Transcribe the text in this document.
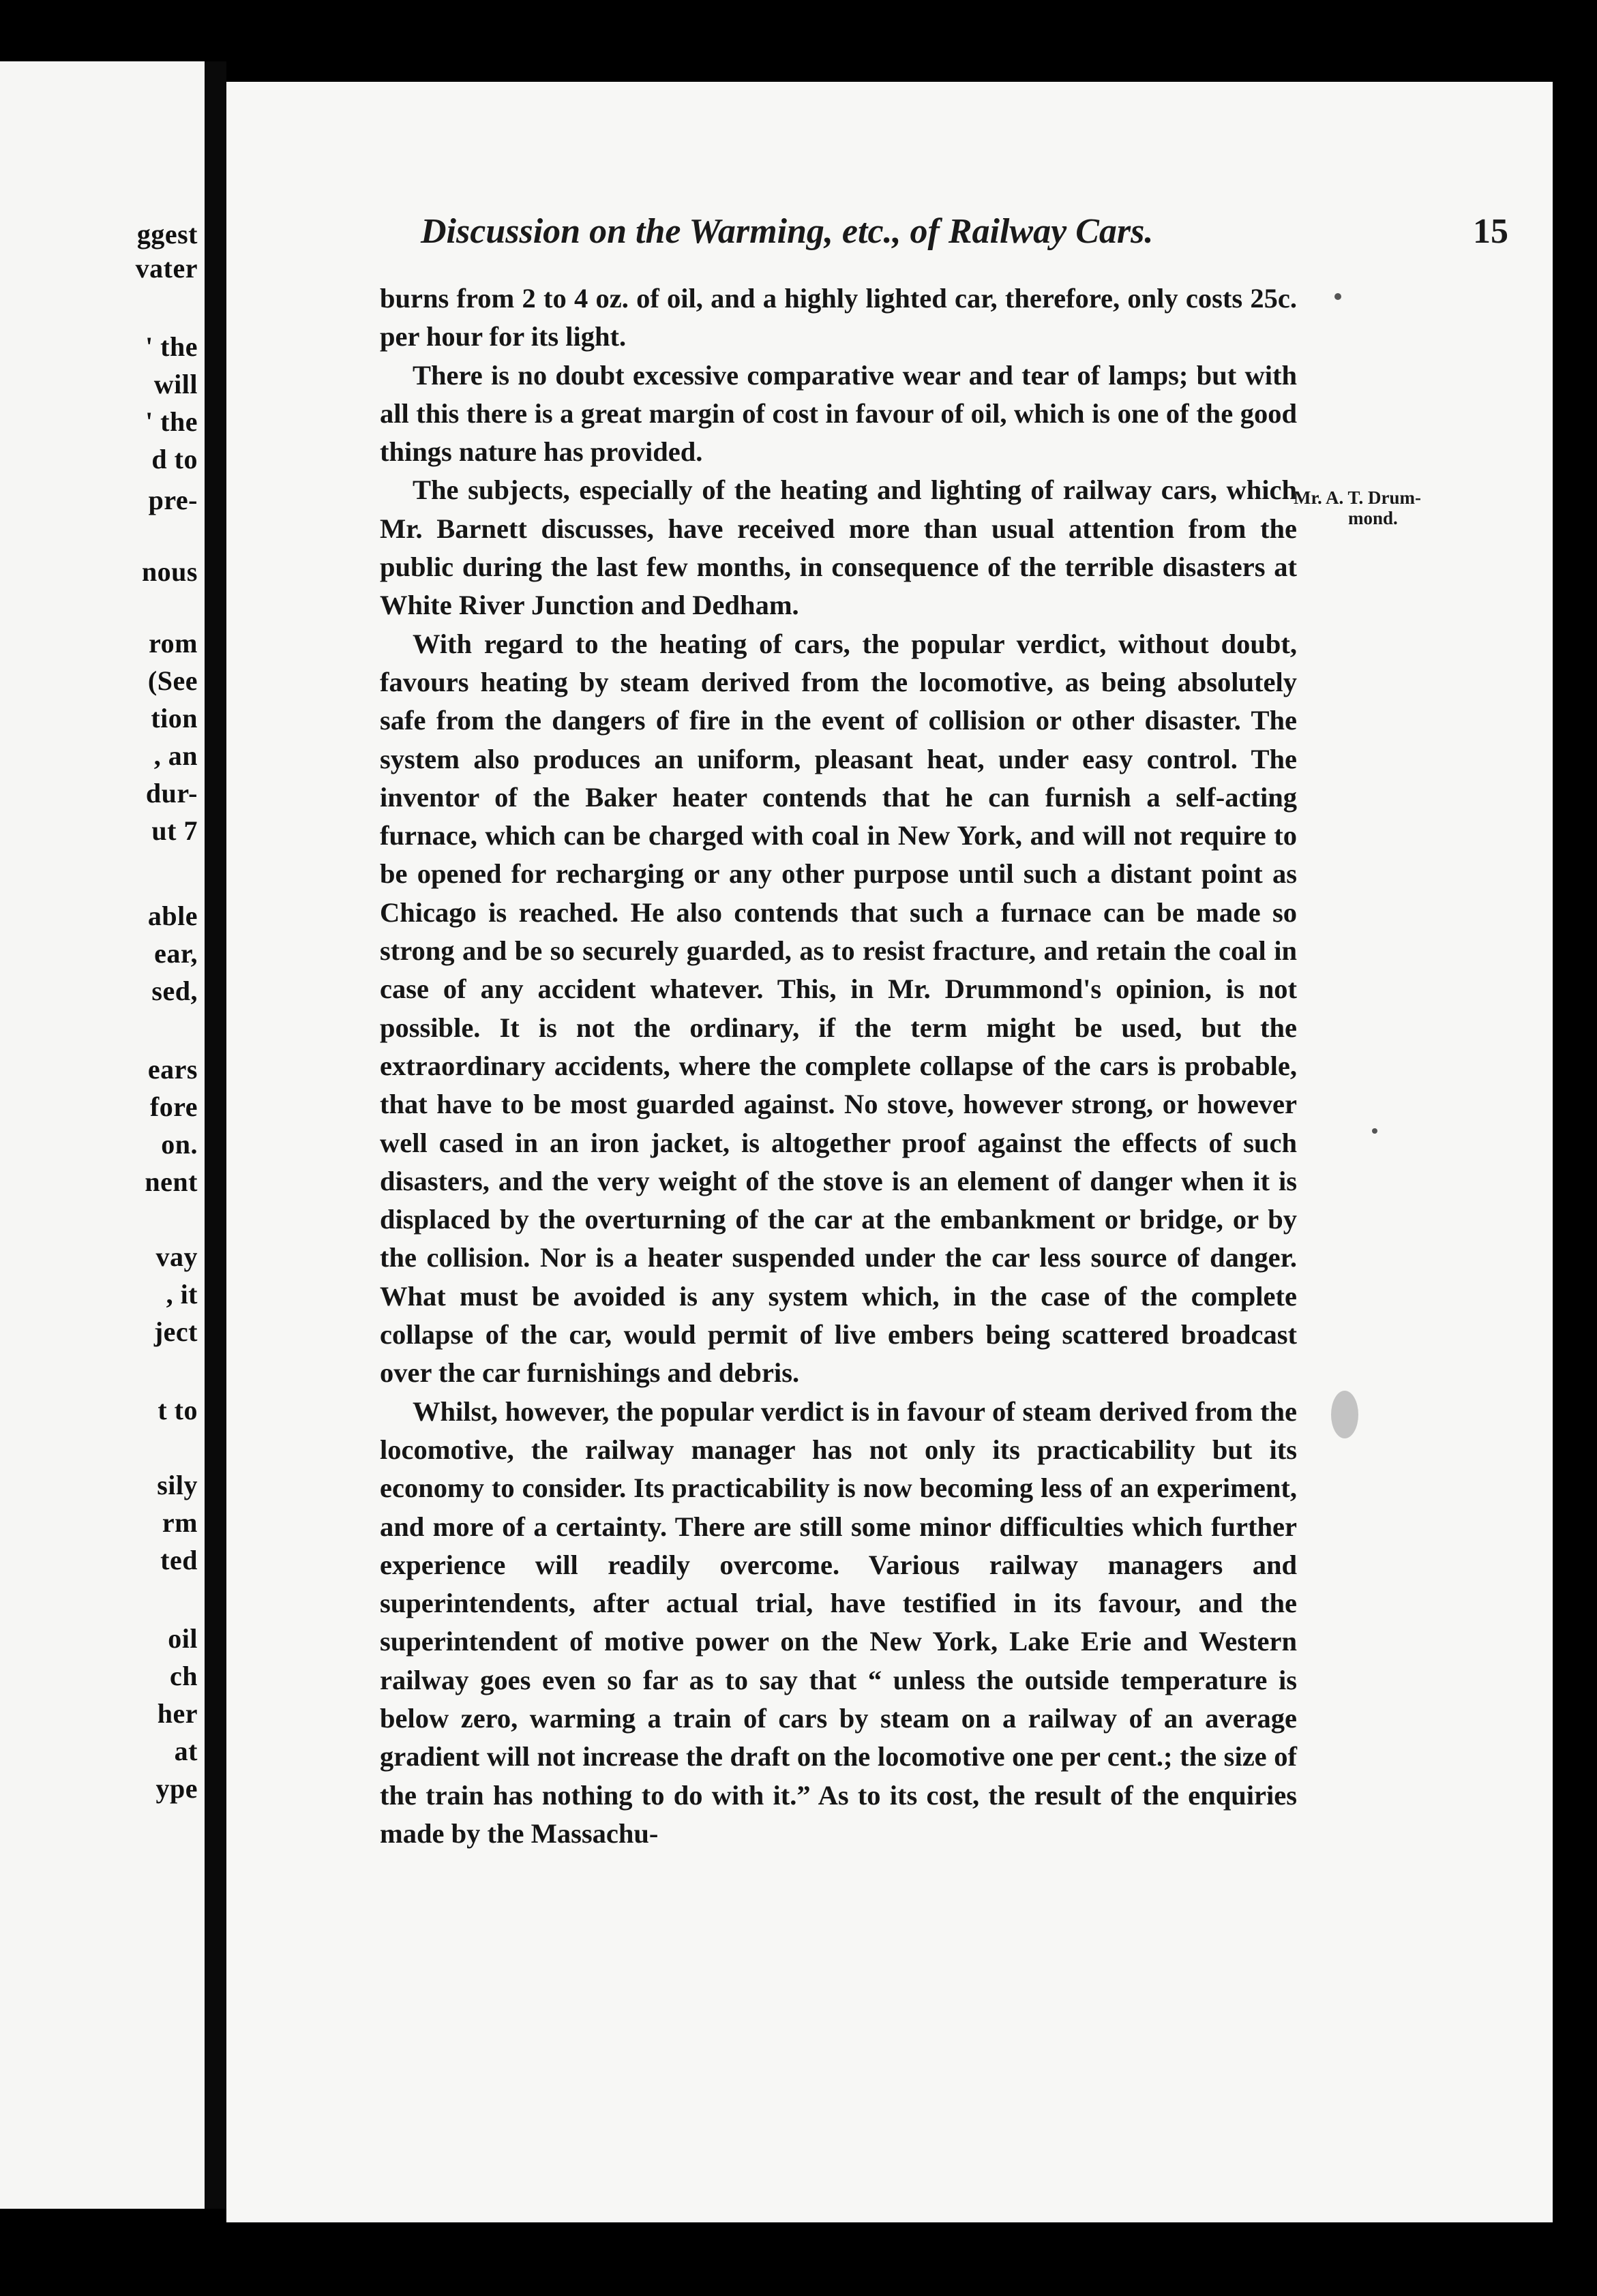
ggest
vater
' the
will
' the
d to
pre-
nous
rom
(See
tion
, an
dur-
ut 7
able
ear,
sed,
ears
fore
on.
nent
vay
, it
ject
t to
sily
rm
ted
oil
ch
her
at
ype
Discussion on the Warming, etc., of Railway Cars.	15
Mr. A. T. Drum-
mond.

burns from 2 to 4 oz. of oil, and a highly lighted car, therefore, only costs 25c. per hour for its light.

There is no doubt excessive comparative wear and tear of lamps; but with all this there is a great margin of cost in favour of oil, which is one of the good things nature has provided.

The subjects, especially of the heating and lighting of railway cars, which Mr. Barnett discusses, have received more than usual attention from the public during the last few months, in consequence of the terrible disasters at White River Junction and Dedham.

With regard to the heating of cars, the popular verdict, without doubt, favours heating by steam derived from the locomotive, as being absolutely safe from the dangers of fire in the event of collision or other disaster. The system also produces an uniform, pleasant heat, under easy control. The inventor of the Baker heater contends that he can furnish a self-acting furnace, which can be charged with coal in New York, and will not require to be opened for recharging or any other purpose until such a distant point as Chicago is reached. He also contends that such a furnace can be made so strong and be so securely guarded, as to resist fracture, and retain the coal in case of any accident whatever. This, in Mr. Drummond's opinion, is not possible. It is not the ordinary, if the term might be used, but the extraordinary accidents, where the complete collapse of the cars is probable, that have to be most guarded against. No stove, however strong, or however well cased in an iron jacket, is altogether proof against the effects of such disasters, and the very weight of the stove is an element of danger when it is displaced by the overturning of the car at the embankment or bridge, or by the collision. Nor is a heater suspended under the car less source of danger. What must be avoided is any system which, in the case of the complete collapse of the car, would permit of live embers being scattered broadcast over the car furnishings and debris.

Whilst, however, the popular verdict is in favour of steam derived from the locomotive, the railway manager has not only its practicability but its economy to consider. Its practicability is now becoming less of an experiment, and more of a certainty. There are still some minor difficulties which further experience will readily overcome. Various railway managers and superintendents, after actual trial, have testified in its favour, and the superintendent of motive power on the New York, Lake Erie and Western railway goes even so far as to say that “ unless the outside temperature is below zero, warming a train of cars by steam on a railway of an average gradient will not increase the draft on the locomotive one per cent.; the size of the train has nothing to do with it.” As to its cost, the result of the enquiries made by the Massachu-
